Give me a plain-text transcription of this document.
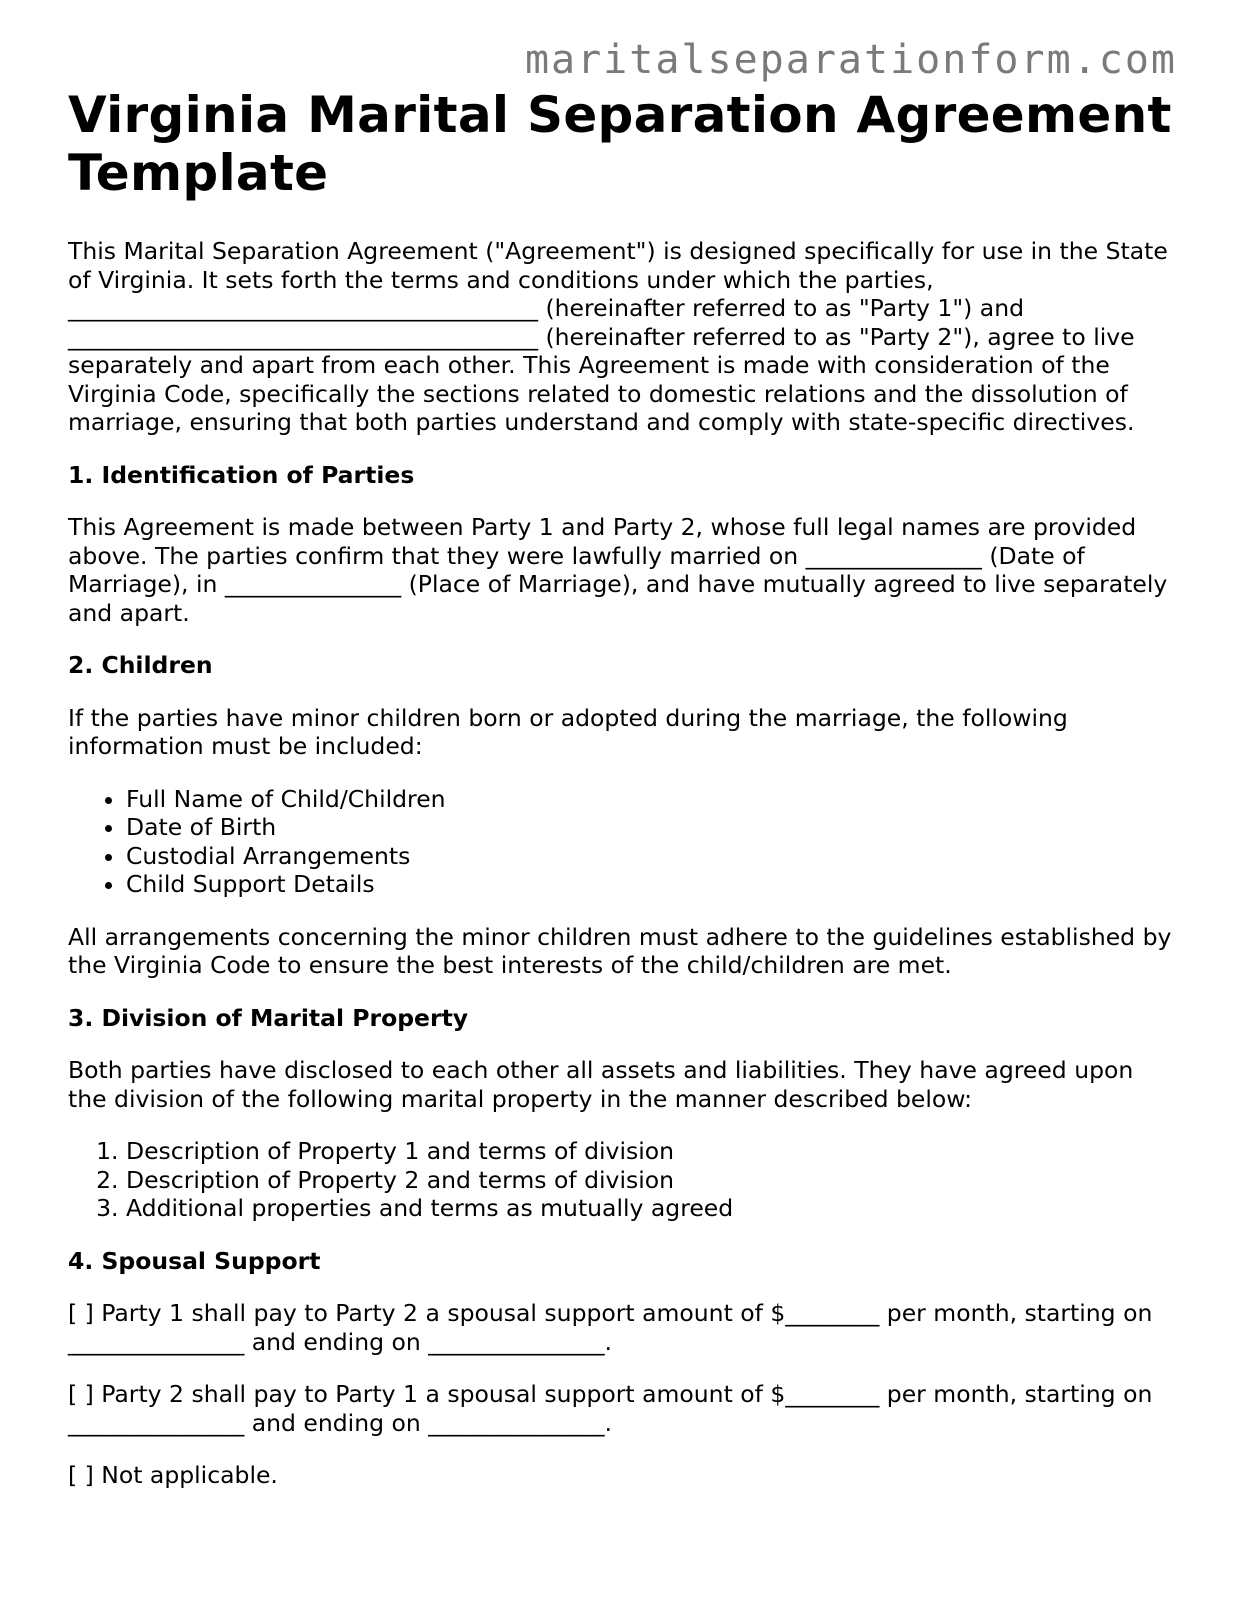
maritalseparationform.com
Virginia Marital Separation Agreement Template

This Marital Separation Agreement ("Agreement") is designed specifically for use in the State of Virginia. It sets forth the terms and conditions under which the parties, ________________________________________ (hereinafter referred to as "Party 1") and ________________________________________ (hereinafter referred to as "Party 2"), agree to live separately and apart from each other. This Agreement is made with consideration of the Virginia Code, specifically the sections related to domestic relations and the dissolution of marriage, ensuring that both parties understand and comply with state-specific directives.

1. Identification of Parties

This Agreement is made between Party 1 and Party 2, whose full legal names are provided above. The parties confirm that they were lawfully married on _______________ (Date of Marriage), in _______________ (Place of Marriage), and have mutually agreed to live separately and apart.

2. Children

If the parties have minor children born or adopted during the marriage, the following information must be included:

• Full Name of Child/Children
• Date of Birth
• Custodial Arrangements
• Child Support Details

All arrangements concerning the minor children must adhere to the guidelines established by the Virginia Code to ensure the best interests of the child/children are met.

3. Division of Marital Property

Both parties have disclosed to each other all assets and liabilities. They have agreed upon the division of the following marital property in the manner described below:

1. Description of Property 1 and terms of division
2. Description of Property 2 and terms of division
3. Additional properties and terms as mutually agreed
4. Spousal Support

[ ] Party 1 shall pay to Party 2 a spousal support amount of $________ per month, starting on _______________ and ending on _______________.

[ ] Party 2 shall pay to Party 1 a spousal support amount of $________ per month, starting on _______________ and ending on _______________.

[ ] Not applicable.
